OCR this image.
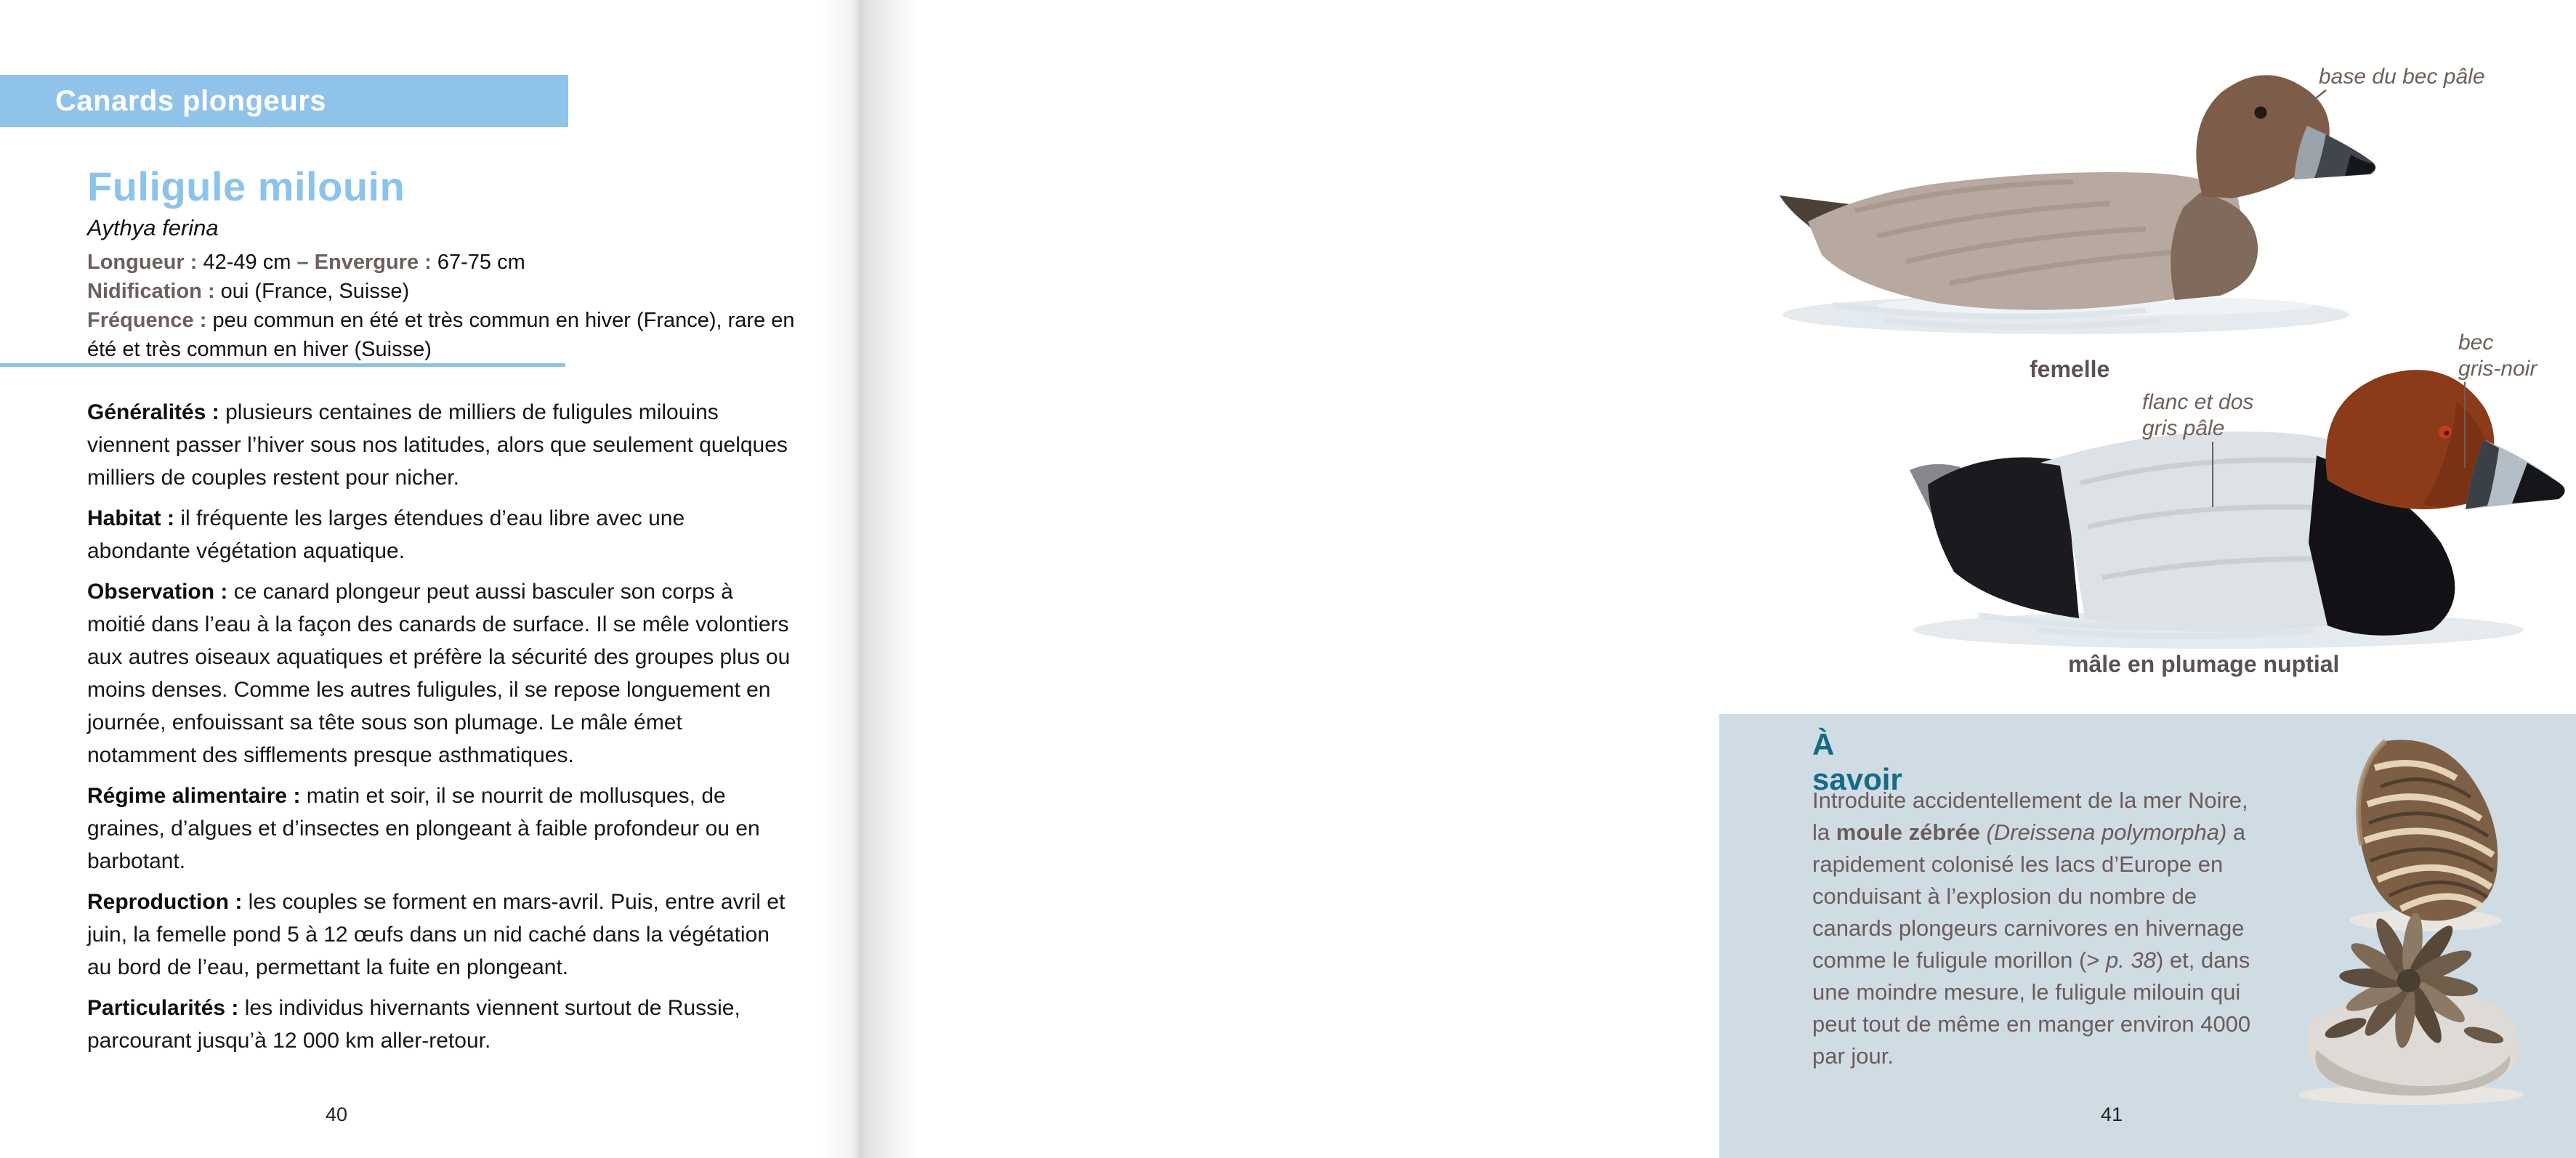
Canards plongeurs
Fuligule milouin
Aythya ferina
Longueur : 42-49 cm – Envergure : 67-75 cm
Nidification : oui (France, Suisse)
Fréquence : peu commun en été et très commun en hiver (France), rare en été et très commun en hiver (Suisse)

Généralités : plusieurs centaines de milliers de fuligules milouins viennent passer l’hiver sous nos latitudes, alors que seulement quelques milliers de couples restent pour nicher.

Habitat : il fréquente les larges étendues d’eau libre avec une abondante végétation aquatique.

Observation : ce canard plongeur peut aussi basculer son corps à moitié dans l’eau à la façon des canards de surface. Il se mêle volontiers aux autres oiseaux aquatiques et préfère la sécurité des groupes plus ou moins denses. Comme les autres fuligules, il se repose longuement en journée, enfouissant sa tête sous son plumage. Le mâle émet notamment des sifflements presque asthmatiques.

Régime alimentaire : matin et soir, il se nourrit de mollusques, de graines, d’algues et d’insectes en plongeant à faible profondeur ou en barbotant.

Reproduction : les couples se forment en mars-avril. Puis, entre avril et juin, la femelle pond 5 à 12 œufs dans un nid caché dans la végétation au bord de l’eau, permettant la fuite en plongeant.

Particularités : les individus hivernants viennent surtout de Russie, parcourant jusqu’à 12 000 km aller-retour.

40
base du bec pâle
femelle
flanc et dos
gris pâle
bec
gris-noir
mâle en plumage nuptial
À savoir
Introduite accidentellement de la mer Noire, la moule zébrée (Dreissena polymorpha) a rapidement colonisé les lacs d’Europe en conduisant à l’explosion du nombre de canards plongeurs carnivores en hivernage comme le fuligule morillon (> p. 38) et, dans une moindre mesure, le fuligule milouin qui peut tout de même en manger environ 4000 par jour.
41
